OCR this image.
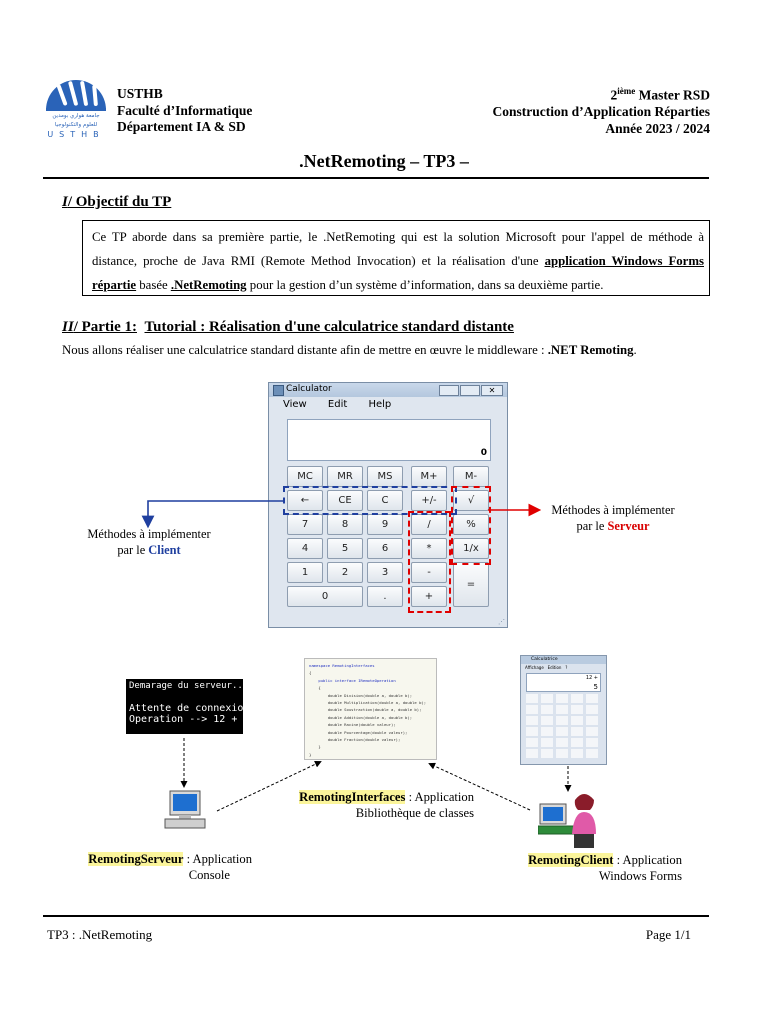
جامعة هواري بومدين
للعلوم والتكنولوجيا
USTHB
USTHB
Faculté d’Informatique
Département IA & SD
2ième Master RSD
Construction d’Application Réparties
Année 2023 / 2024
.NetRemoting – TP3 –
I/ Objectif du TP
Ce TP aborde dans sa première partie, le .NetRemoting qui est la solution Microsoft pour l'appel de méthode à distance, proche de Java RMI (Remote Method Invocation) et la réalisation d'une application Windows Forms répartie basée .NetRemoting pour la gestion d’un système d’information, dans sa deuxième partie.
II/ Partie 1: Tutorial : Réalisation d'une calculatrice standard distante
Nous allons réaliser une calculatrice standard distante afin de mettre en œuvre le middleware : .NET Remoting.
Calculator	✕
View Edit Help
0
MC	MR	MS	M+	M-
←	CE	C	+/-	√
7	8	9	/	%
4	5	6	*	1/x
1	2	3	-
=
0	.	+
⋰
Méthodes à implémenter
par le Client
Méthodes à implémenter
par le Serveur
Demarage du serveur...
Attente de connexion(s)...
Operation --> 12 + 5
namespace RemotingInterfaces
{
public interface IRemoteOperation
{
double Division(double a, double b);
double Multiplication(double a, double b);
double Soustraction(double a, double b);
double Addition(double a, double b);
double Racine(double valeur);
double Pourcentage(double valeur);
double Fraction(double valeur);
}
}
Calculatrice
Affichage   Edition   ?
12 +
5
RemotingInterfaces : Application
Bibliothèque de classes
RemotingServeur : Application
Console
RemotingClient : Application
Windows Forms
TP3 : .NetRemoting	Page 1/1
